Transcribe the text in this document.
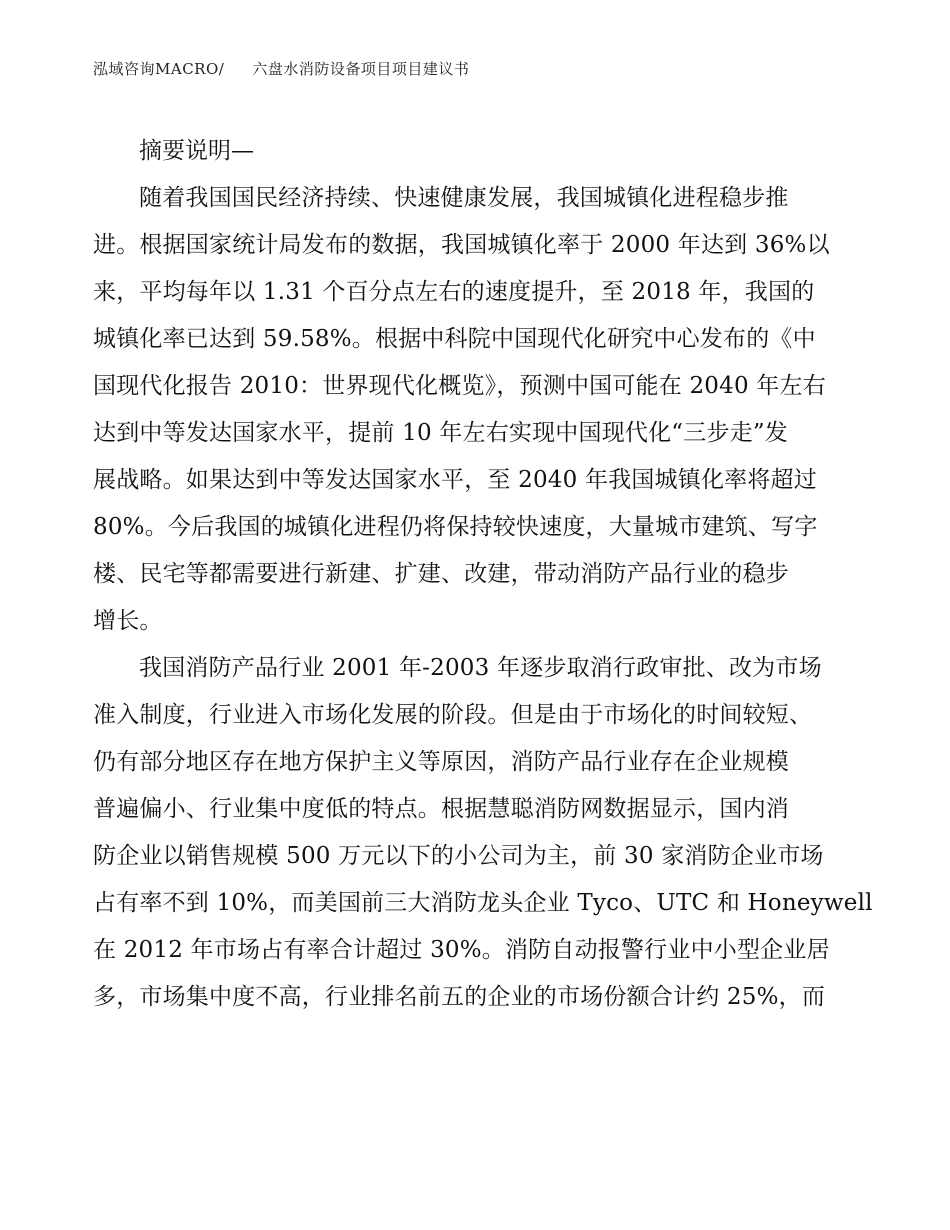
泓域咨询MACRO/ 六盘水消防设备项目项目建议书
摘要说明—
随着我国国民经济持续、快速健康发展，我国城镇化进程稳步推
进。根据国家统计局发布的数据，我国城镇化率于 2000 年达到 36%以
来，平均每年以 1.31 个百分点左右的速度提升，至 2018 年，我国的
城镇化率已达到 59.58%。根据中科院中国现代化研究中心发布的《中
国现代化报告 2010：世界现代化概览》，预测中国可能在 2040 年左右
达到中等发达国家水平，提前 10 年左右实现中国现代化“三步走”发
展战略。如果达到中等发达国家水平，至 2040 年我国城镇化率将超过
80%。今后我国的城镇化进程仍将保持较快速度，大量城市建筑、写字
楼、民宅等都需要进行新建、扩建、改建，带动消防产品行业的稳步
增长。
我国消防产品行业 2001 年-2003 年逐步取消行政审批、改为市场
准入制度，行业进入市场化发展的阶段。但是由于市场化的时间较短、
仍有部分地区存在地方保护主义等原因，消防产品行业存在企业规模
普遍偏小、行业集中度低的特点。根据慧聪消防网数据显示，国内消
防企业以销售规模 500 万元以下的小公司为主，前 30 家消防企业市场
占有率不到 10%，而美国前三大消防龙头企业 Tyco、UTC 和 Honeywell
在 2012 年市场占有率合计超过 30%。消防自动报警行业中小型企业居
多，市场集中度不高，行业排名前五的企业的市场份额合计约 25%，而
